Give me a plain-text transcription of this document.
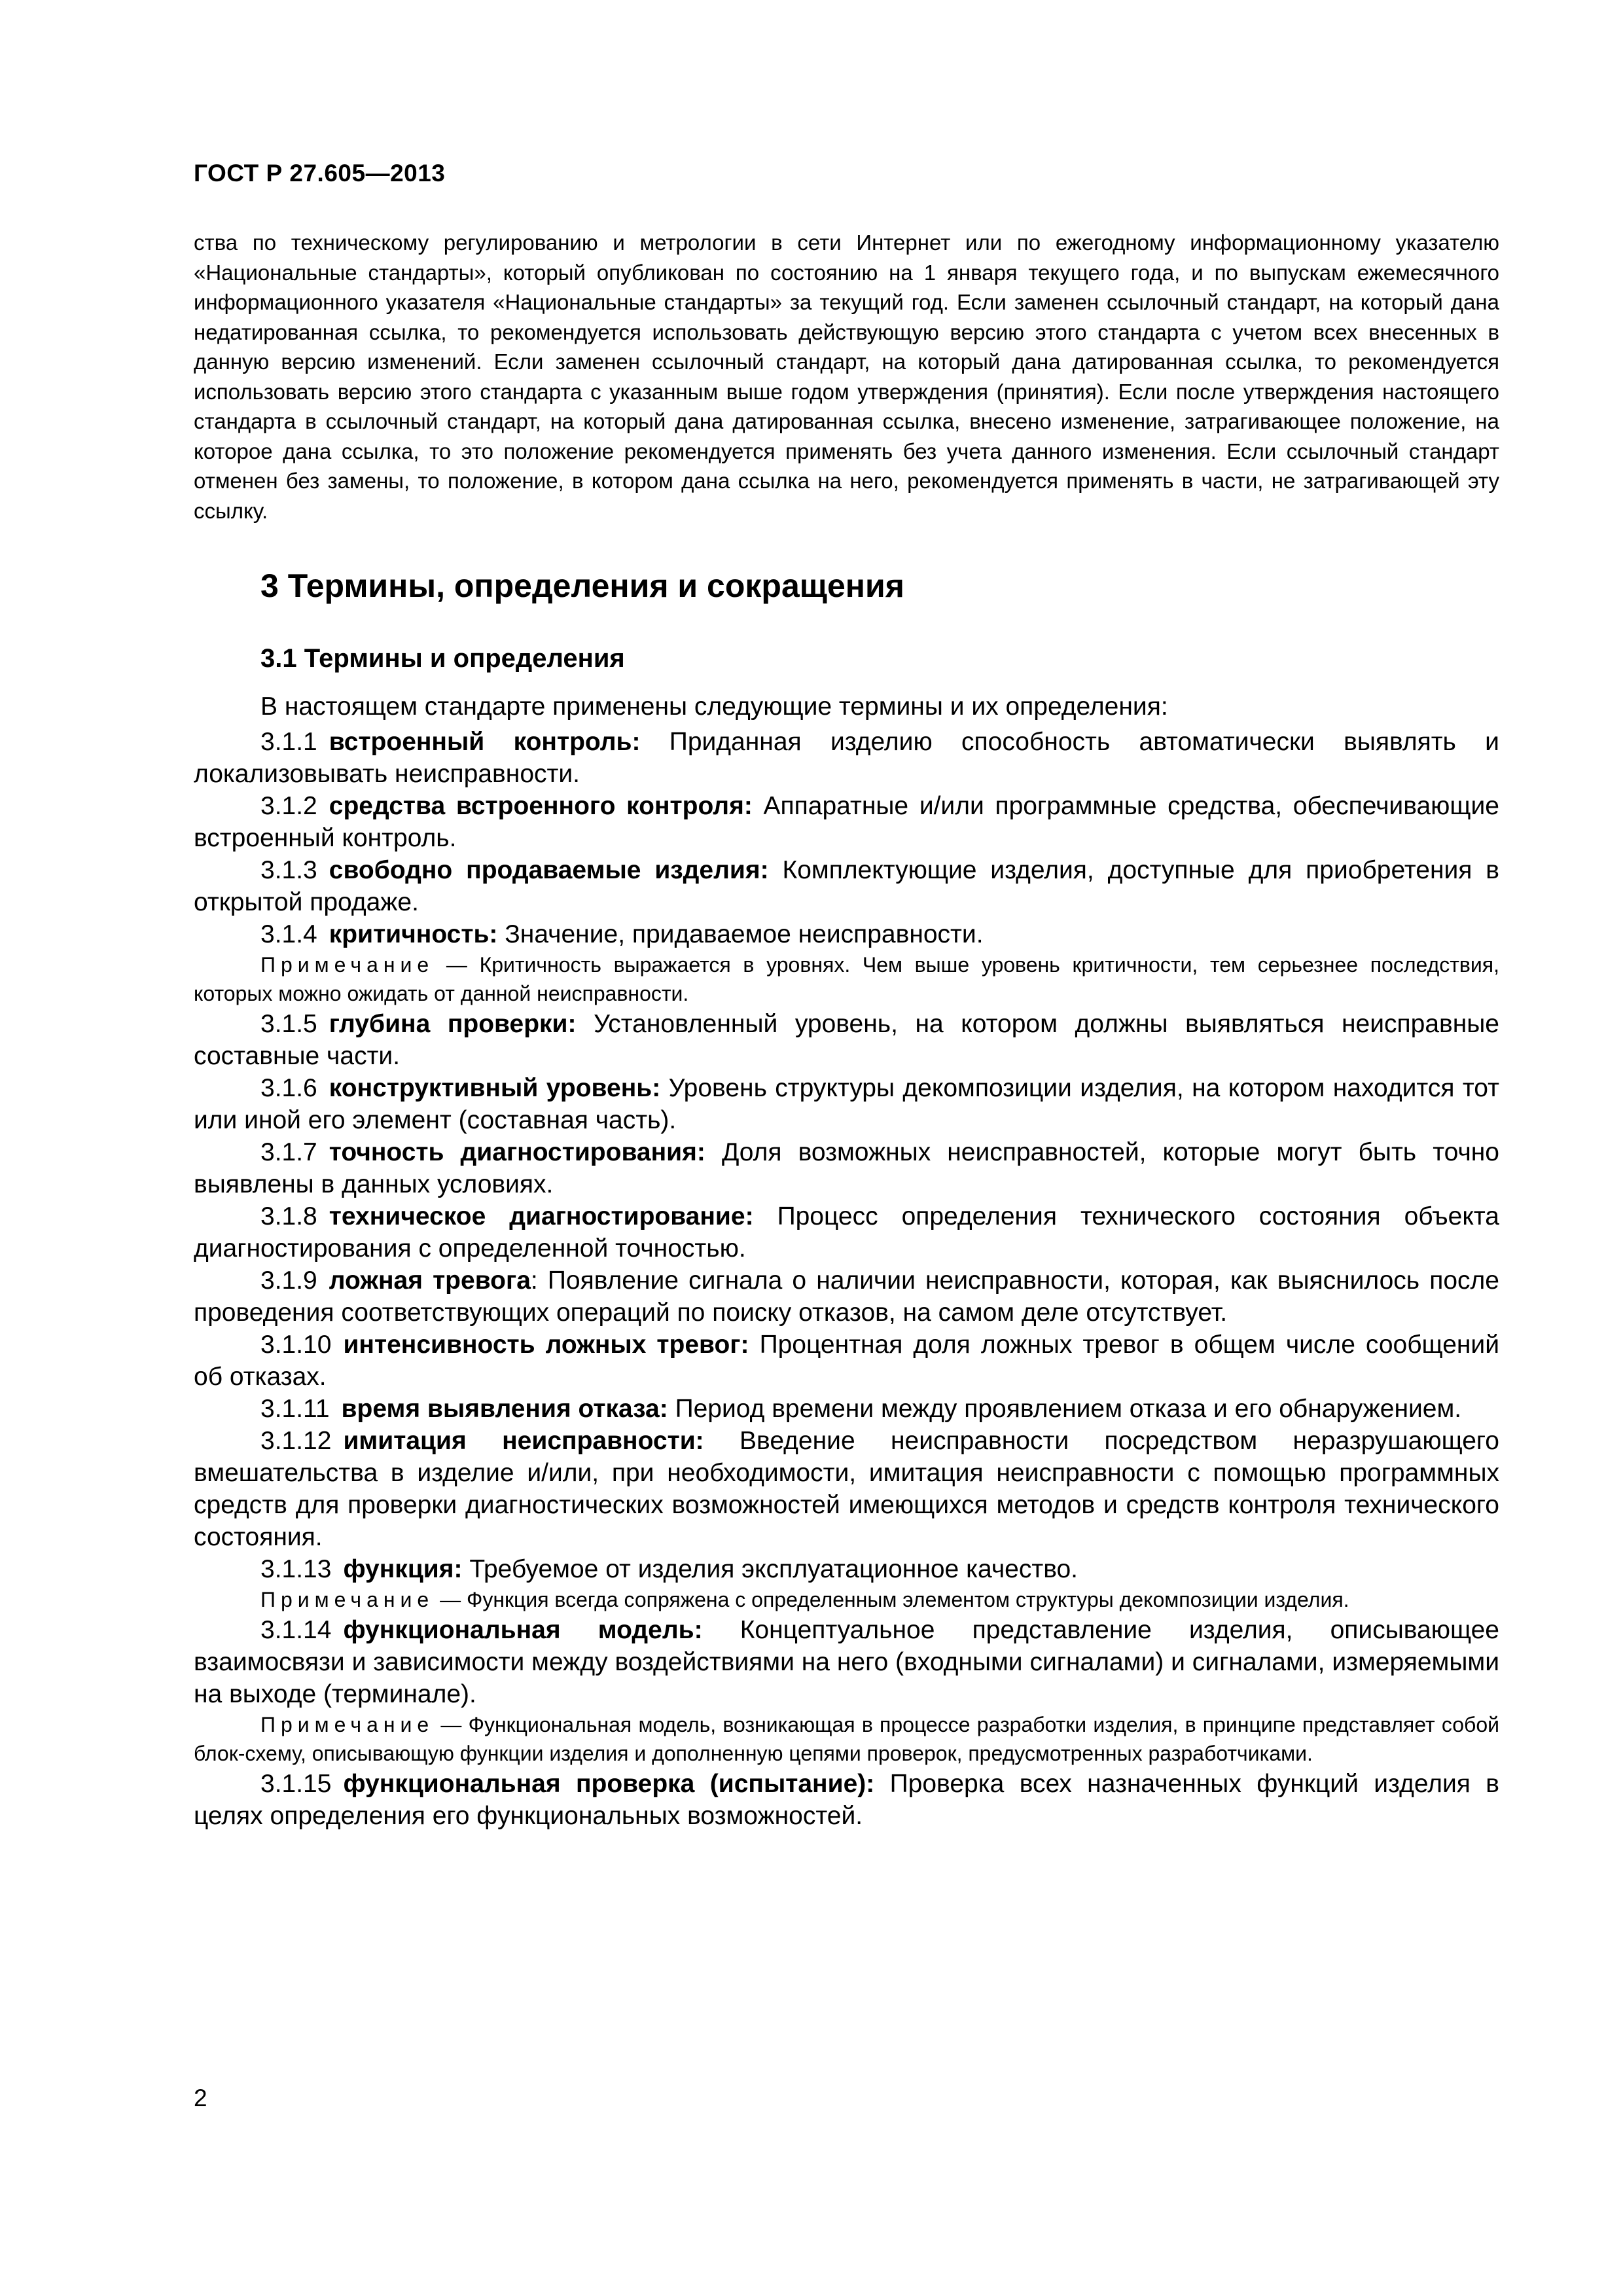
ГОСТ Р 27.605—2013

ства по техническому регулированию и метрологии в сети Интернет или по ежегодному информационному указателю «Национальные стандарты», который опубликован по состоянию на 1 января текущего года, и по выпускам ежемесячного информационного указателя «Национальные стандарты» за текущий год. Если заменен ссылочный стандарт, на который дана недатированная ссылка, то рекомендуется использовать действующую версию этого стандарта с учетом всех внесенных в данную версию изменений. Если заменен ссылочный стандарт, на который дана датированная ссылка, то рекомендуется использовать версию этого стандарта с указанным выше годом утверждения (принятия). Если после утверждения настоящего стандарта в ссылочный стандарт, на который дана датированная ссылка, внесено изменение, затрагивающее положение, на которое дана ссылка, то это положение рекомендуется применять без учета данного изменения. Если ссылочный стандарт отменен без замены, то положение, в котором дана ссылка на него, рекомендуется применять в части, не затрагивающей эту ссылку.

3 Термины, определения и сокращения
3.1 Термины и определения

В настоящем стандарте применены следующие термины и их определения:

3.1.1 встроенный контроль: Приданная изделию способность автоматически выявлять и локализовывать неисправности.

3.1.2 средства встроенного контроля: Аппаратные и/или программные средства, обеспечивающие встроенный контроль.

3.1.3 свободно продаваемые изделия: Комплектующие изделия, доступные для приобретения в открытой продаже.

3.1.4 критичность: Значение, придаваемое неисправности.

Примечание — Критичность выражается в уровнях. Чем выше уровень критичности, тем серьезнее последствия, которых можно ожидать от данной неисправности.

3.1.5 глубина проверки: Установленный уровень, на котором должны выявляться неисправные составные части.

3.1.6 конструктивный уровень: Уровень структуры декомпозиции изделия, на котором находится тот или иной его элемент (составная часть).

3.1.7 точность диагностирования: Доля возможных неисправностей, которые могут быть точно выявлены в данных условиях.

3.1.8 техническое диагностирование: Процесс определения технического состояния объекта диагностирования с определенной точностью.

3.1.9 ложная тревога: Появление сигнала о наличии неисправности, которая, как выяснилось после проведения соответствующих операций по поиску отказов, на самом деле отсутствует.

3.1.10 интенсивность ложных тревог: Процентная доля ложных тревог в общем числе сообщений об отказах.

3.1.11 время выявления отказа: Период времени между проявлением отказа и его обнаружением.

3.1.12 имитация неисправности: Введение неисправности посредством неразрушающего вмешательства в изделие и/или, при необходимости, имитация неисправности с помощью программных средств для проверки диагностических возможностей имеющихся методов и средств контроля технического состояния.

3.1.13 функция: Требуемое от изделия эксплуатационное качество.

Примечание — Функция всегда сопряжена с определенным элементом структуры декомпозиции изделия.

3.1.14 функциональная модель: Концептуальное представление изделия, описывающее взаимосвязи и зависимости между воздействиями на него (входными сигналами) и сигналами, измеряемыми на выходе (терминале).

Примечание — Функциональная модель, возникающая в процессе разработки изделия, в принципе представляет собой блок-схему, описывающую функции изделия и дополненную цепями проверок, предусмотренных разработчиками.

3.1.15 функциональная проверка (испытание): Проверка всех назначенных функций изделия в целях определения его функциональных возможностей.

2
